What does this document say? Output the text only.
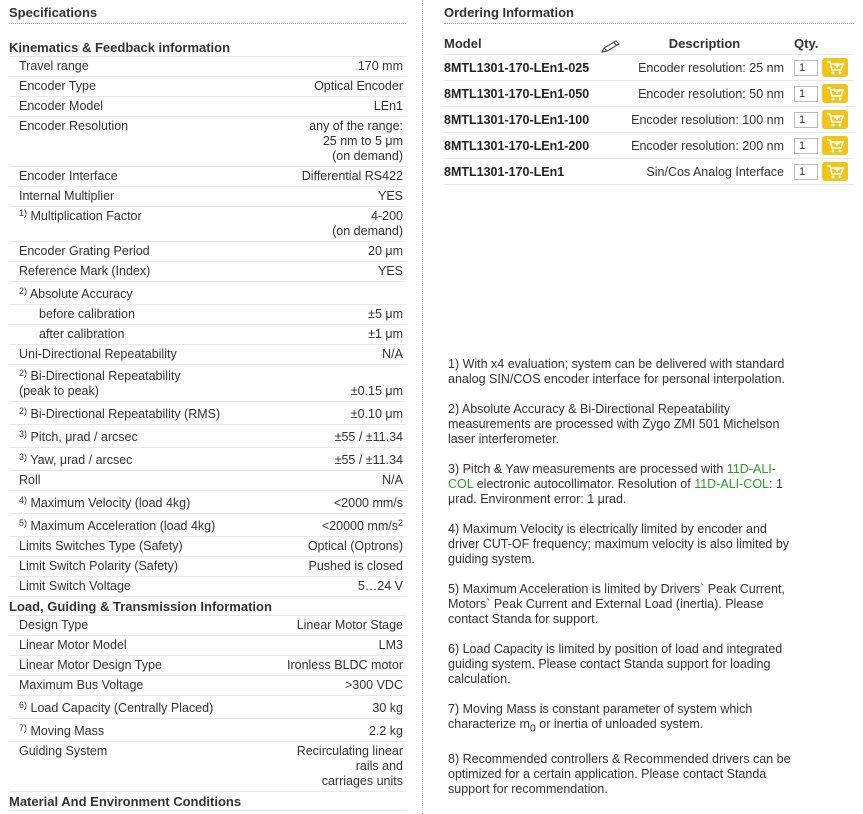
Specifications
Kinematics & Feedback information
Travel range	170 mm
Encoder Type	Optical Encoder
Encoder Model	LEn1
Encoder Resolution	any of the range:
25 nm to 5 μm
(on demand)
Encoder Interface	Differential RS422
Internal Multiplier	YES
$^{1)}$ Multiplication Factor	4-200
(on demand)
Encoder Grating Period	20 μm
Reference Mark (Index)	YES
$^{2)}$ Absolute Accuracy
before calibration	±5 μm
after calibration	±1 μm
Uni-Directional Repeatability	N/A
$^{2)}$ Bi-Directional Repeatability
(peak to peak)	±0.15 μm
$^{2)}$ Bi-Directional Repeatability (RMS)	±0.10 μm
$^{3)}$ Pitch, μrad / arcsec	±55 / ±11.34
$^{3)}$ Yaw, μrad / arcsec	±55 / ±11.34
Roll	N/A
$^{4)}$ Maximum Velocity (load 4kg)	<2000 mm/s
$^{5)}$ Maximum Acceleration (load 4kg)	<20000 $mm/s^2$
Limits Switches Type (Safety)	Optical (Optrons)
Limit Switch Polarity (Safety)	Pushed is closed
Limit Switch Voltage	5…24 V
Load, Guiding & Transmission Information
Design Type	Linear Motor Stage
Linear Motor Model	LM3
Linear Motor Design Type	Ironless BLDC motor
Maximum Bus Voltage	>300 VDC
$^{6)}$ Load Capacity (Centrally Placed)	30 kg
$^{7)}$ Moving Mass	2.2 kg
Guiding System	Recirculating linear
rails and
carriages units
Material And Environment Conditions
Ordering Information
Model	Description	Qty.
8MTL1301-170-LEn1-025	Encoder resolution: 25 nm	1

8MTL1301-170-LEn1-050	Encoder resolution: 50 nm	1

8MTL1301-170-LEn1-100	Encoder resolution: 100 nm	1

8MTL1301-170-LEn1-200	Encoder resolution: 200 nm	1

8MTL1301-170-LEn1	Sin/Cos Analog Interface	1

1) With x4 evaluation; system can be delivered with standard analog SIN/COS encoder interface for personal interpolation.

2) Absolute Accuracy & Bi-Directional Repeatability measurements are processed with Zygo ZMI 501 Michelson laser interferometer.

3) Pitch & Yaw measurements are processed with 11D-ALI-COL electronic autocollimator. Resolution of 11D-ALI-COL: 1 μrad. Environment error: 1 μrad.

4) Maximum Velocity is electrically limited by encoder and driver CUT-OF frequency; maximum velocity is also limited by guiding system.

5) Maximum Acceleration is limited by Drivers` Peak Current, Motors` Peak Current and External Load (inertia). Please contact Standa for support.

6) Load Capacity is limited by position of load and integrated guiding system. Please contact Standa support for loading calculation.

7) Moving Mass is constant parameter of system which characterize $m_0$ or inertia of unloaded system.

8) Recommended controllers & Recommended drivers can be optimized for a certain application. Please contact Standa support for recommendation.
